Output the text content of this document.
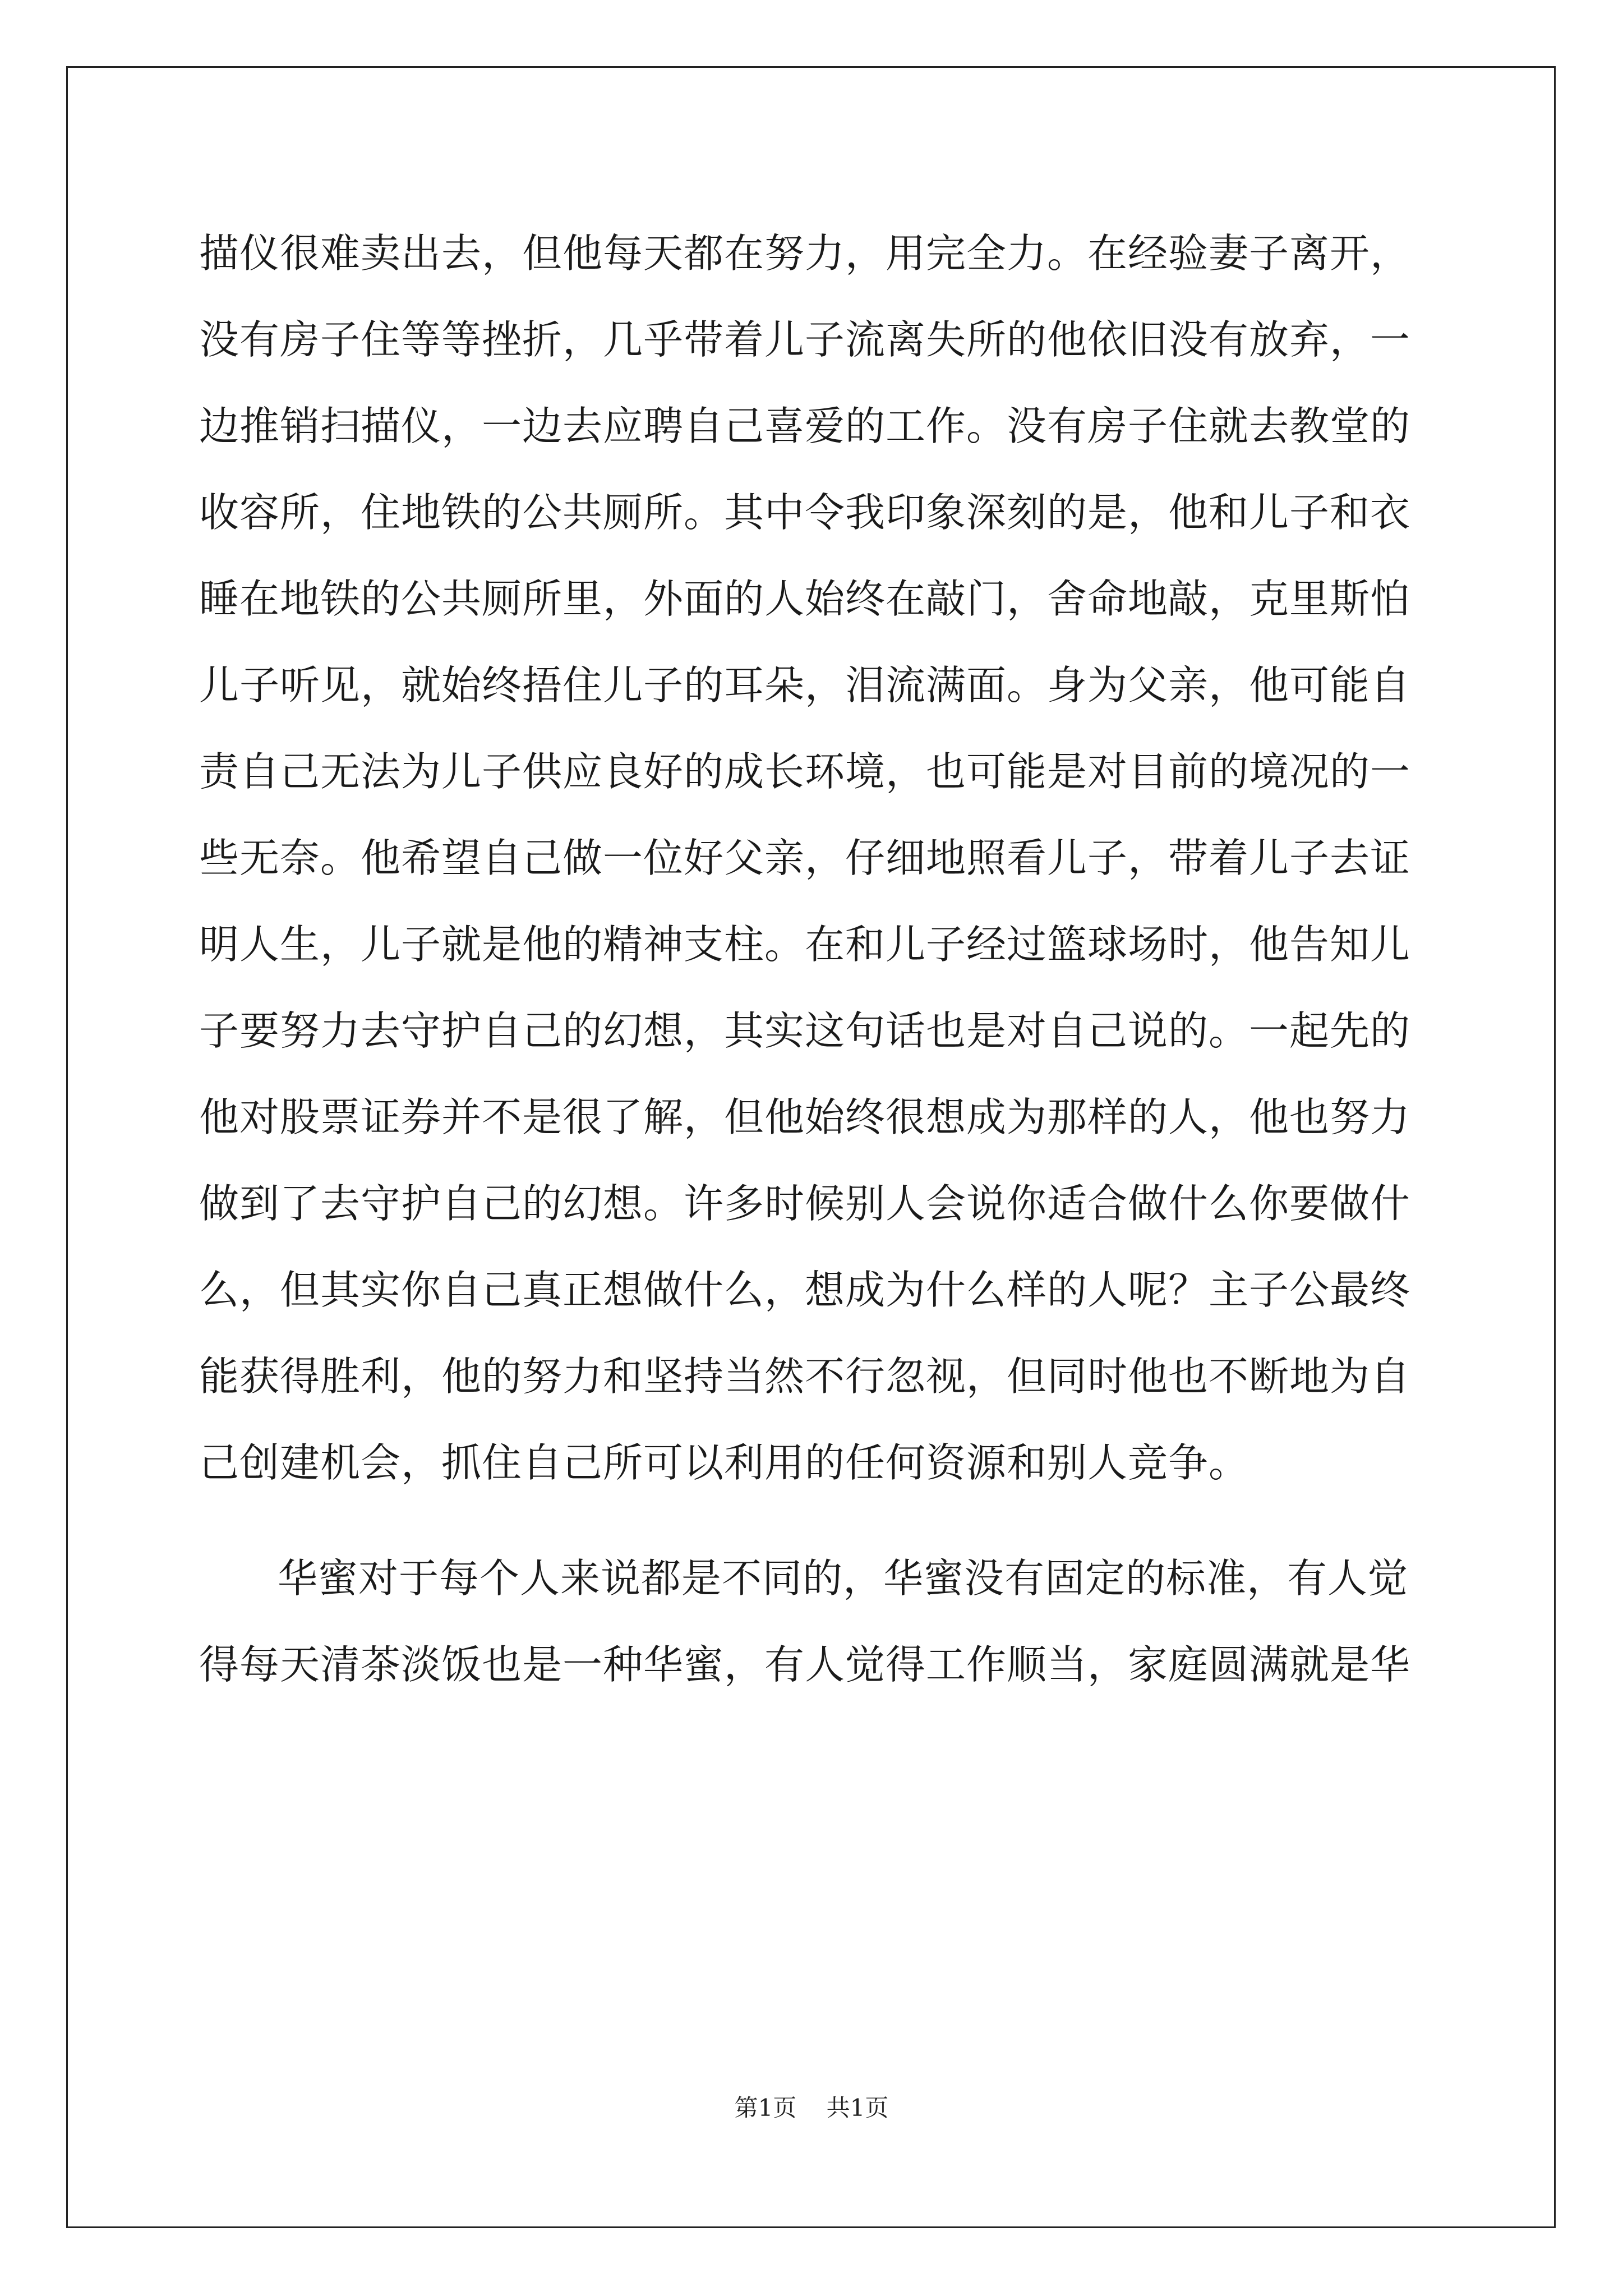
描仪很难卖出去，但他每天都在努力，用完全力。在经验妻子离开，
没有房子住等等挫折，几乎带着儿子流离失所的他依旧没有放弃，一
边推销扫描仪，一边去应聘自己喜爱的工作。没有房子住就去教堂的
收容所，住地铁的公共厕所。其中令我印象深刻的是，他和儿子和衣
睡在地铁的公共厕所里，外面的人始终在敲门，舍命地敲，克里斯怕
儿子听见，就始终捂住儿子的耳朵，泪流满面。身为父亲，他可能自
责自己无法为儿子供应良好的成长环境，也可能是对目前的境况的一
些无奈。他希望自己做一位好父亲，仔细地照看儿子，带着儿子去证
明人生，儿子就是他的精神支柱。在和儿子经过篮球场时，他告知儿
子要努力去守护自己的幻想，其实这句话也是对自己说的。一起先的
他对股票证券并不是很了解，但他始终很想成为那样的人，他也努力
做到了去守护自己的幻想。许多时候别人会说你适合做什么你要做什
么，但其实你自己真正想做什么，想成为什么样的人呢？主子公最终
能获得胜利，他的努力和坚持当然不行忽视，但同时他也不断地为自
己创建机会，抓住自己所可以利用的任何资源和别人竞争。
华蜜对于每个人来说都是不同的，华蜜没有固定的标准，有人觉
得每天清茶淡饭也是一种华蜜，有人觉得工作顺当，家庭圆满就是华
第1页    共1页
